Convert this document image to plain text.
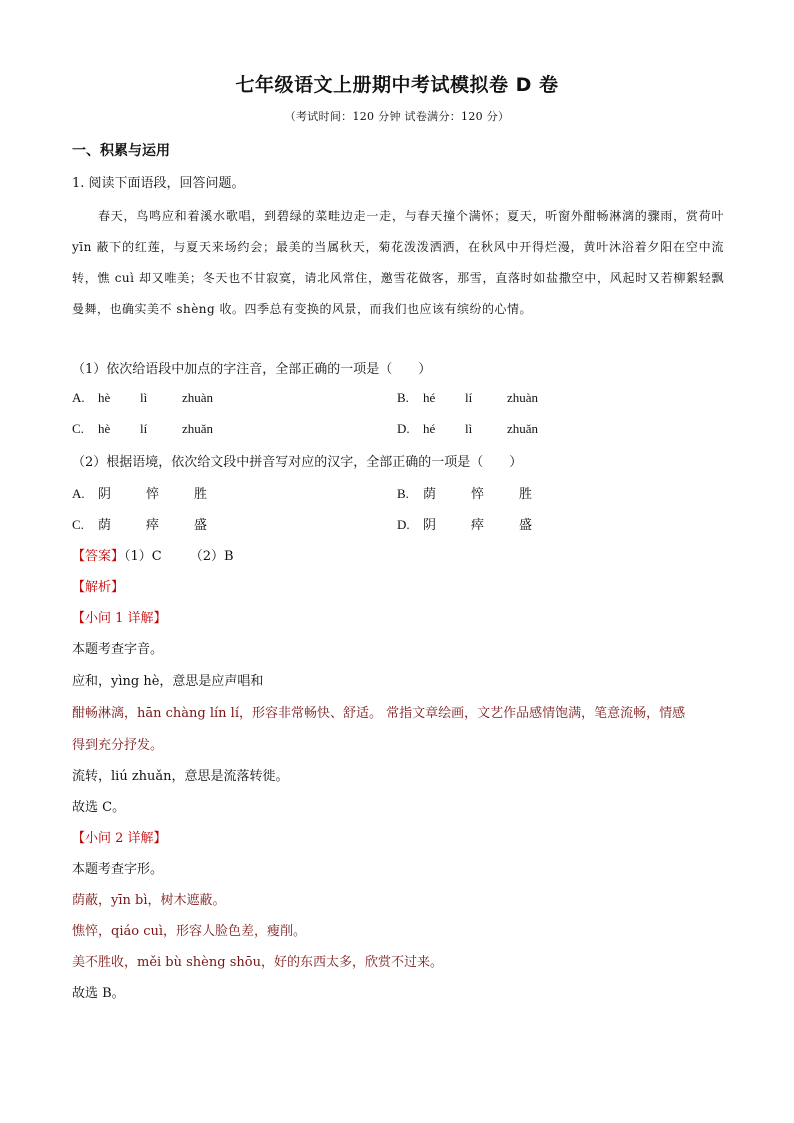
七年级语文上册期中考试模拟卷 D 卷
（考试时间：120 分钟 试卷满分：120 分）
一、积累与运用
1. 阅读下面语段，回答问题。
春天，鸟鸣应和着溪水歌唱，到碧绿的菜畦边走一走，与春天撞个满怀；夏天，听窗外酣畅淋漓的骤雨，赏荷叶 yīn 蔽下的红莲，与夏天来场约会；最美的当属秋天，菊花泼泼洒洒，在秋风中开得烂漫，黄叶沐浴着夕阳在空中流转，憔 cuì 却又唯美；冬天也不甘寂寞，请北风常住，邀雪花做客，那雪，直落时如盐撒空中，风起时又若柳絮轻飘曼舞，也确实美不 shèng 收。四季总有变换的风景，而我们也应该有缤纷的心情。
（1）依次给语段中加点的字注音，全部正确的一项是（　　）
A. hè lì	zhuàn	B. hé lí	zhuàn
C. hè lí	zhuǎn	D. hé lì	zhuǎn
（2）根据语境，依次给文段中拼音写对应的汉字，全部正确的一项是（　　）
A. 阴	悴	胜	B. 荫	悴	胜
C. 荫	瘁	盛	D. 阴	瘁	盛
【答案】（1）C （2）B
【解析】
【小问 1 详解】
本题考查字音。
应和，yìng hè，意思是应声唱和
酣畅淋漓，hān chàng lín lí，形容非常畅快、舒适。 常指文章绘画，文艺作品感情饱满，笔意流畅，情感
得到充分抒发。
流转，liú zhuǎn，意思是流落转徙。
故选 C。
【小问 2 详解】
本题考查字形。
荫蔽，yīn bì，树木遮蔽。
憔悴，qiáo cuì，形容人脸色差，瘦削。
美不胜收，měi bù shèng shōu，好的东西太多，欣赏不过来。
故选 B。
